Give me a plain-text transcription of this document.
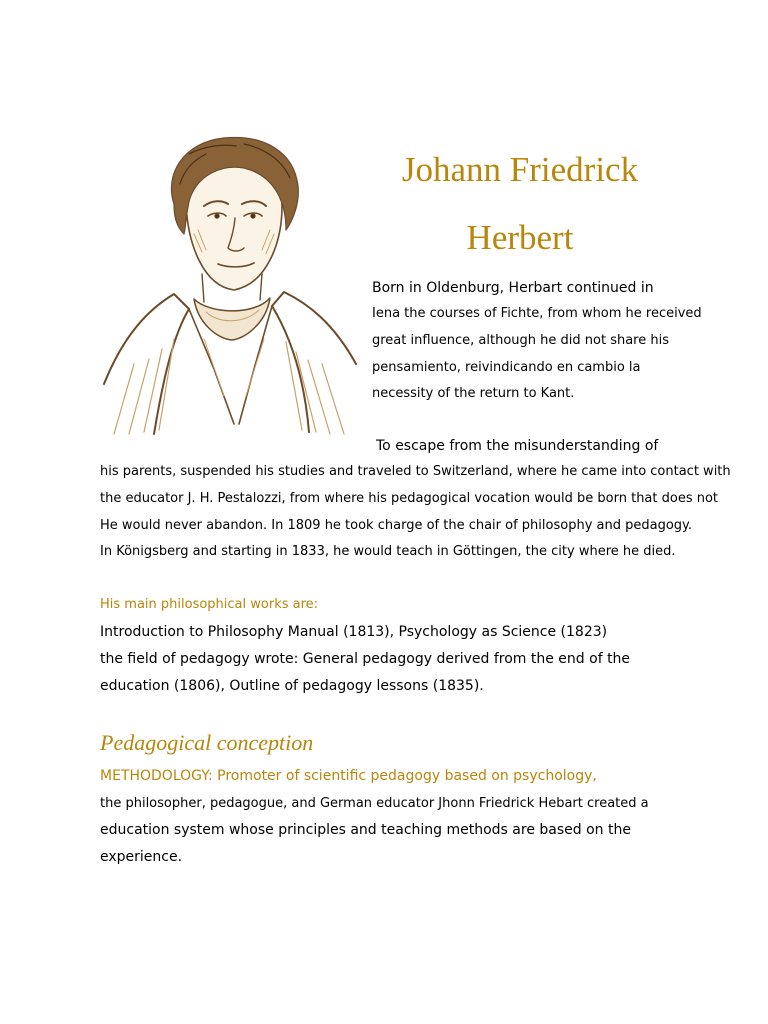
Johann Friedrick
Herbert

Born in Oldenburg, Herbart continued in

Iena the courses of Fichte, from whom he received

great influence, although he did not share his

pensamiento, reivindicando en cambio la

necessity of the return to Kant.

To escape from the misunderstanding of

his parents, suspended his studies and traveled to Switzerland, where he came into contact with

the educator J. H. Pestalozzi, from where his pedagogical vocation would be born that does not

He would never abandon. In 1809 he took charge of the chair of philosophy and pedagogy.

In Königsberg and starting in 1833, he would teach in Göttingen, the city where he died.

His main philosophical works are:

Introduction to Philosophy Manual (1813), Psychology as Science (1823)

the field of pedagogy wrote: General pedagogy derived from the end of the

education (1806), Outline of pedagogy lessons (1835).

Pedagogical conception

METHODOLOGY: Promoter of scientific pedagogy based on psychology,

the philosopher, pedagogue, and German educator Jhonn Friedrick Hebart created a

education system whose principles and teaching methods are based on the

experience.
